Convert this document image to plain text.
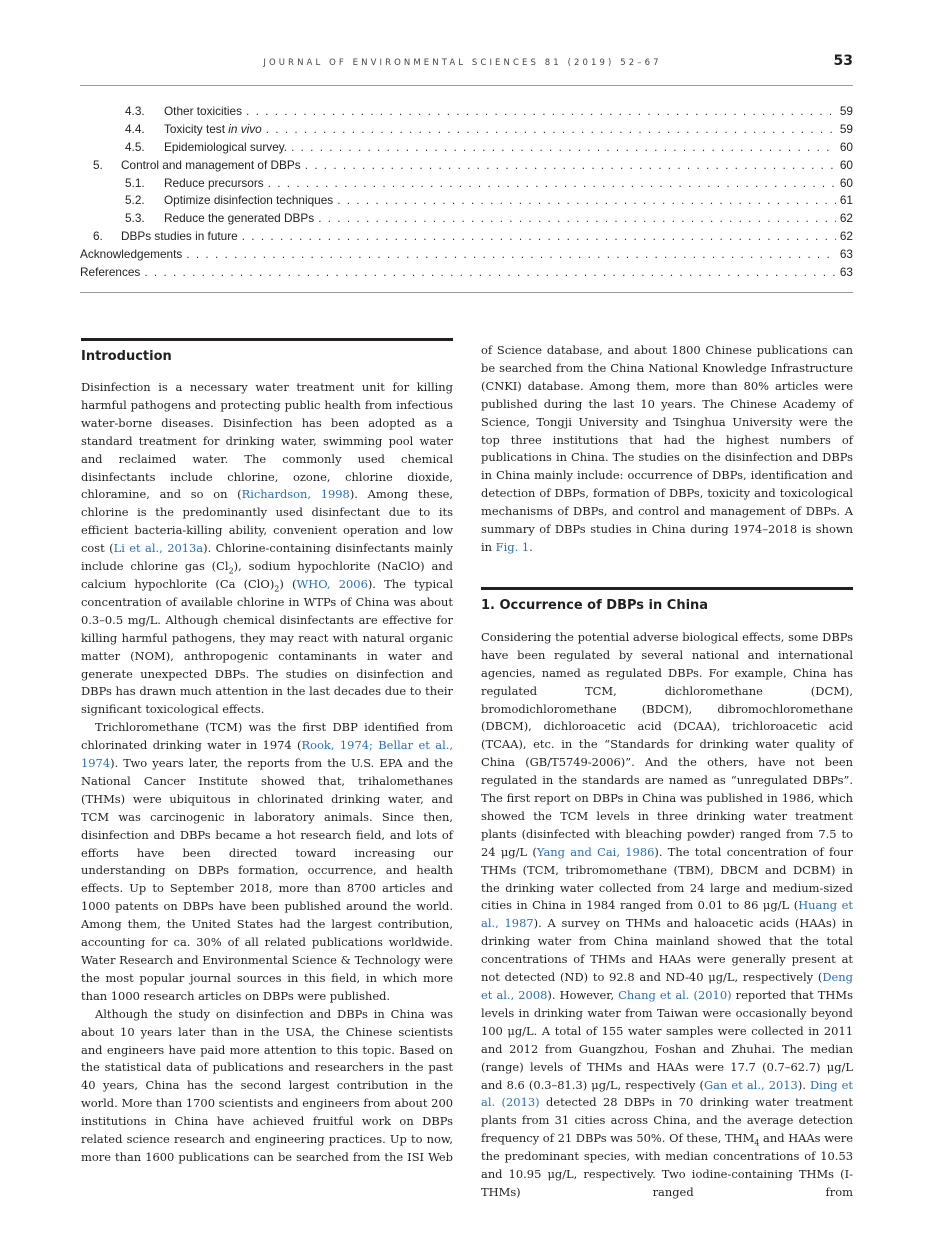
JOURNAL OF ENVIRONMENTAL SCIENCES 81 (2019) 52–67	53
4.3.	Other toxicities . . .	59
4.4.	Toxicity test in vivo . . .	59
4.5.	Epidemiological survey. . . .	60
5.	Control and management of DBPs . . .	60
5.1.	Reduce precursors . . .	60
5.2.	Optimize disinfection techniques . . .	61
5.3.	Reduce the generated DBPs . . .	62
6.	DBPs studies in future . . .	62
Acknowledgements . . .	63
References . . .	63
Introduction

Disinfection is a necessary water treatment unit for killing harmful pathogens and protecting public health from infectious water-borne diseases. Disinfection has been adopted as a standard treatment for drinking water, swimming pool water and reclaimed water. The commonly used chemical disinfectants include chlorine, ozone, chlorine dioxide, chloramine, and so on (Richardson, 1998). Among these, chlorine is the predominantly used disinfectant due to its efficient bacteria-killing ability, convenient operation and low cost (Li et al., 2013a). Chlorine-containing disinfectants mainly include chlorine gas $(Cl_2)$, sodium hypochlorite (NaClO) and calcium hypochlorite (Ca $(ClO)_2$) (WHO, 2006). The typical concentration of available chlorine in WTPs of China was about 0.3–0.5 mg/L. Although chemical disinfectants are effective for killing harmful pathogens, they may react with natural organic matter (NOM), anthropogenic contaminants in water and generate unexpected DBPs. The studies on disinfection and DBPs has drawn much attention in the last decades due to their significant toxicological effects.

Trichloromethane (TCM) was the first DBP identified from chlorinated drinking water in 1974 (Rook, 1974; Bellar et al., 1974). Two years later, the reports from the U.S. EPA and the National Cancer Institute showed that, trihalomethanes (THMs) were ubiquitous in chlorinated drinking water, and TCM was carcinogenic in laboratory animals. Since then, disinfection and DBPs became a hot research field, and lots of efforts have been directed toward increasing our understanding on DBPs formation, occurrence, and health effects. Up to September 2018, more than 8700 articles and 1000 patents on DBPs have been published around the world. Among them, the United States had the largest contribution, accounting for ca. 30% of all related publications worldwide. Water Research and Environmental Science & Technology were the most popular journal sources in this field, in which more than 1000 research articles on DBPs were published.

Although the study on disinfection and DBPs in China was about 10 years later than in the USA, the Chinese scientists and engineers have paid more attention to this topic. Based on the statistical data of publications and researchers in the past 40 years, China has the second largest contribution in the world. More than 1700 scientists and engineers from about 200 institutions in China have achieved fruitful work on DBPs related science research and engineering practices. Up to now, more than 1600 publications can be searched from the ISI Web

of Science database, and about 1800 Chinese publications can be searched from the China National Knowledge Infrastructure (CNKI) database. Among them, more than 80% articles were published during the last 10 years. The Chinese Academy of Science, Tongji University and Tsinghua University were the top three institutions that had the highest numbers of publications in China. The studies on the disinfection and DBPs in China mainly include: occurrence of DBPs, identification and detection of DBPs, formation of DBPs, toxicity and toxicological mechanisms of DBPs, and control and management of DBPs. A summary of DBPs studies in China during 1974–2018 is shown in Fig. 1.

1. Occurrence of DBPs in China

Considering the potential adverse biological effects, some DBPs have been regulated by several national and international agencies, named as regulated DBPs. For example, China has regulated TCM, dichloromethane (DCM), bromodichloromethane (BDCM), dibromochloromethane (DBCM), dichloroacetic acid (DCAA), trichloroacetic acid (TCAA), etc. in the “Standards for drinking water quality of China (GB/T5749-2006)”. And the others, have not been regulated in the standards are named as “unregulated DBPs”. The first report on DBPs in China was published in 1986, which showed the TCM levels in three drinking water treatment plants (disinfected with bleaching powder) ranged from 7.5 to 24 μg/L (Yang and Cai, 1986). The total concentration of four THMs (TCM, tribromomethane (TBM), DBCM and DCBM) in the drinking water collected from 24 large and medium-sized cities in China in 1984 ranged from 0.01 to 86 μg/L (Huang et al., 1987). A survey on THMs and haloacetic acids (HAAs) in drinking water from China mainland showed that the total concentrations of THMs and HAAs were generally present at not detected (ND) to 92.8 and ND-40 μg/L, respectively (Deng et al., 2008). However, Chang et al. (2010) reported that THMs levels in drinking water from Taiwan were occasionally beyond 100 μg/L. A total of 155 water samples were collected in 2011 and 2012 from Guangzhou, Foshan and Zhuhai. The median (range) levels of THMs and HAAs were 17.7 (0.7–62.7) μg/L and 8.6 (0.3–81.3) μg/L, respectively (Gan et al., 2013). Ding et al. (2013) detected 28 DBPs in 70 drinking water treatment plants from 31 cities across China, and the average detection frequency of 21 DBPs was 50%. Of these, $THM_4$ and HAAs were the predominant species, with median concentrations of 10.53 and 10.95 μg/L, respectively. Two iodine-containing THMs (I-THMs) ranged from
